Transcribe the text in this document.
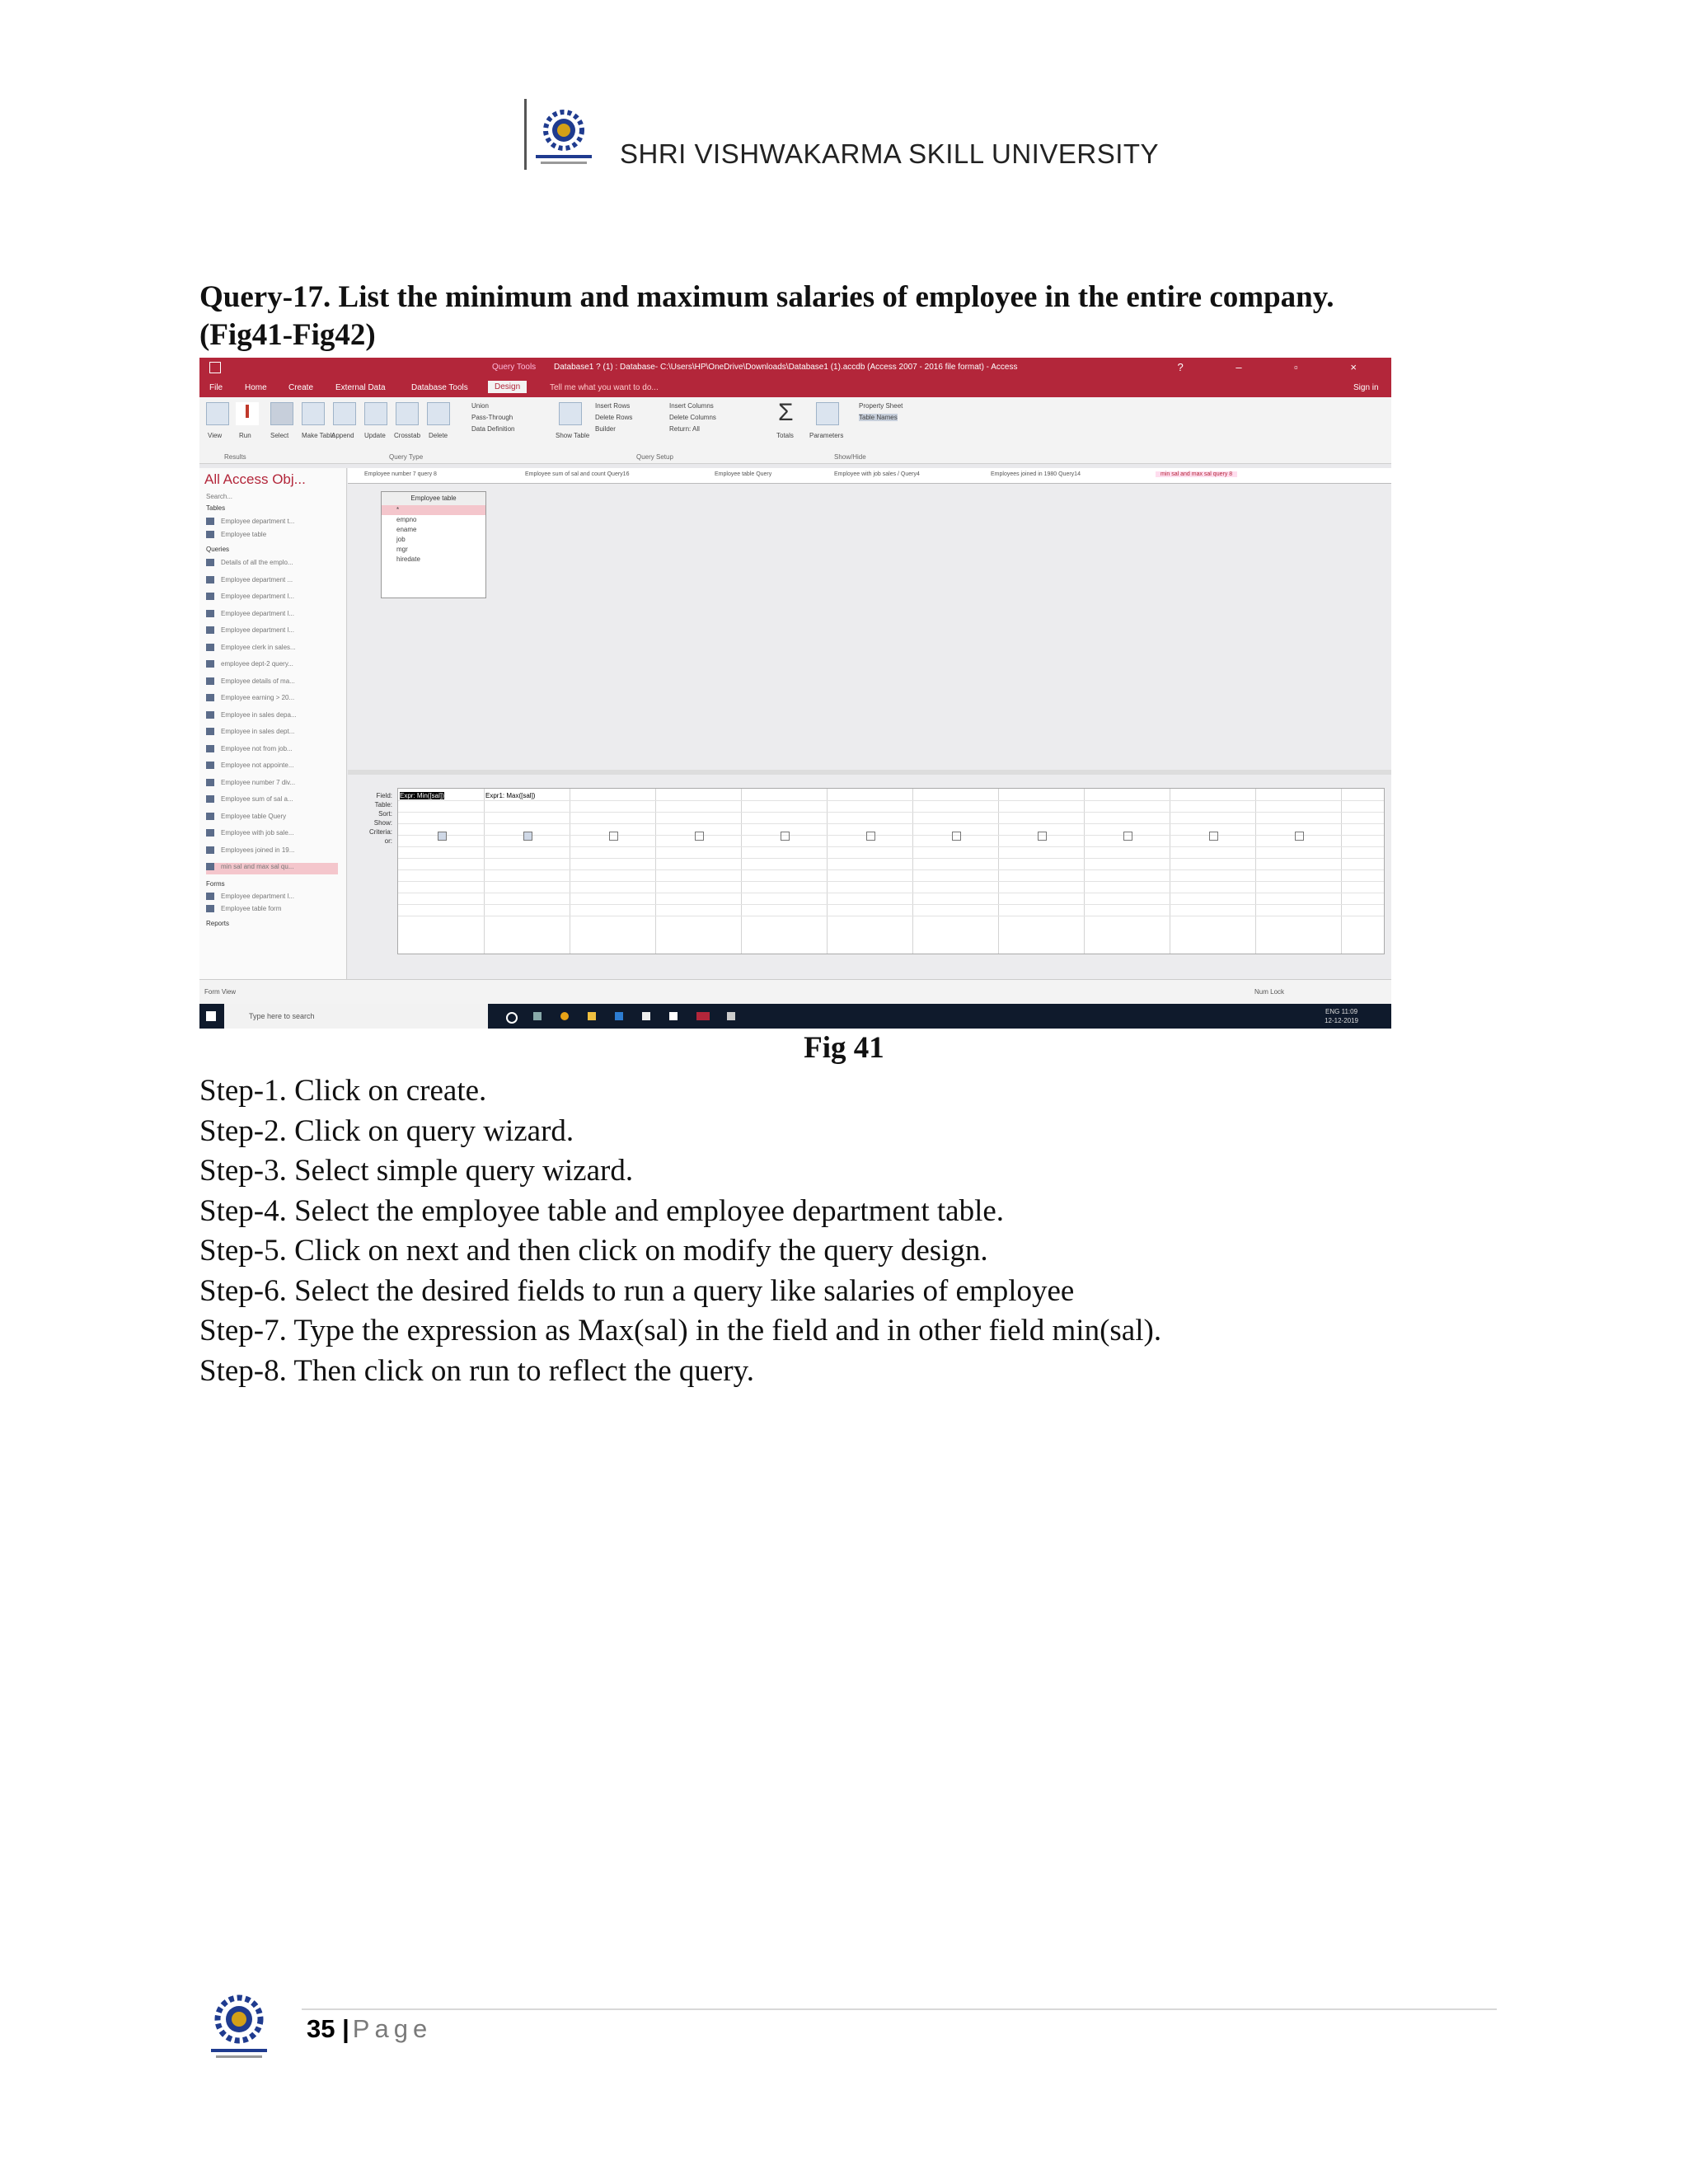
SHRI VISHWAKARMA SKILL UNIVERSITY
Query-17. List the minimum and maximum salaries of employee in the entire company.
(Fig41-Fig42)
Query Tools Database1 ? (1) : Database- C:\Users\HP\OneDrive\Downloads\Database1 (1).accdb (Access 2007 - 2016 file format) - Access	? – ▫ ×
File	Home	Create	External Data	Database Tools	Design	Tell me what you want to do...	Sign in
View	Run	Select Make Table
Append Update Crosstab Delete
Union
Pass-Through
Data Definition
Show Table
Insert Rows
Delete Rows
Builder
Insert Columns
Delete Columns
Return: All
Σ
Totals Parameters
Property Sheet
Table Names
Results	Query Type	Query Setup	Show/Hide
All Access Obj...
Search...
Tables
Employee department t...
Employee table
Queries
Details of all the emplo...
Employee department ...
Employee department l...
Employee department l...
Employee department l...
Employee clerk in sales...
employee dept-2 query...
Employee details of ma...
Employee earning > 20...
Employee in sales depa...
Employee in sales dept...
Employee not from job...
Employee not appointe...
Employee number 7 div...
Employee sum of sal a...
Employee table Query
Employee with job sale...
Employees joined in 19...
min sal and max sal qu...
Forms
Employee department l...
Employee table form
Reports
Employee number 7 query 8	Employee sum of sal and count Query16	Employee table Query	Employee with job sales / Query4	Employees joined in 1980 Query14	min sal and max sal query 8
Employee table
*
empno
ename
job
mgr
hiredate
Field:
Table:
Sort:
Show:
Criteria:
or:
Expr: Min([sal])	Expr1: Max([sal])
Form View	Num Lock
Type here to search
ENG 11:09
12-12-2019
Fig 41
Step-1. Click on create.
Step-2. Click on query wizard.
Step-3. Select simple query wizard.
Step-4. Select the employee table and employee department table.
Step-5. Click on next and then click on modify the query design.
Step-6. Select the desired fields to run a query like salaries of employee
Step-7. Type the expression as Max(sal) in the field and in other field min(sal).
Step-8. Then click on run to reflect the query.
35 | Page
